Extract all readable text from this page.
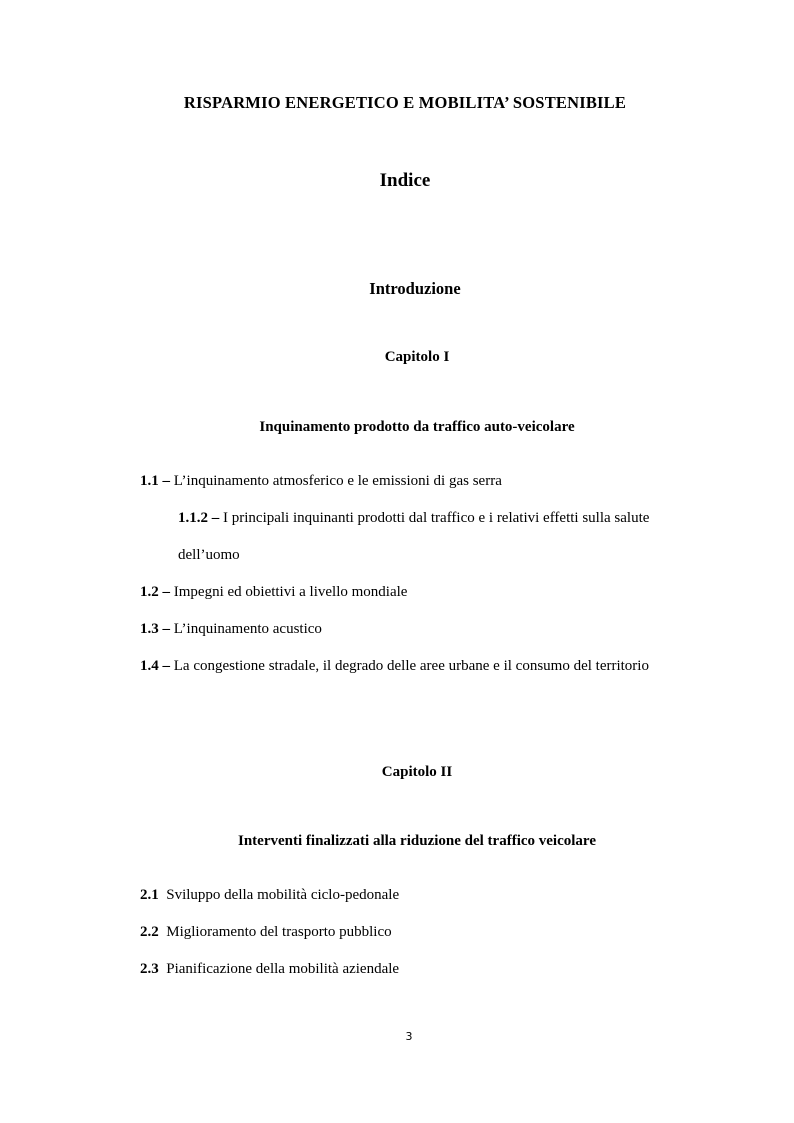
RISPARMIO ENERGETICO E MOBILITA’ SOSTENIBILE
Indice
Introduzione
Capitolo I
Inquinamento prodotto da traffico auto-veicolare
1.1 – L’inquinamento atmosferico e le emissioni di gas serra
1.1.2 – I principali inquinanti prodotti dal traffico e i relativi effetti sulla salute
dell’uomo
1.2 – Impegni ed obiettivi a livello mondiale
1.3 – L’inquinamento acustico
1.4 – La congestione stradale, il degrado delle aree urbane e il consumo del territorio
Capitolo II
Interventi finalizzati alla riduzione del traffico veicolare
2.1  Sviluppo della mobilità ciclo-pedonale
2.2  Miglioramento del trasporto pubblico
2.3  Pianificazione della mobilità aziendale
3
